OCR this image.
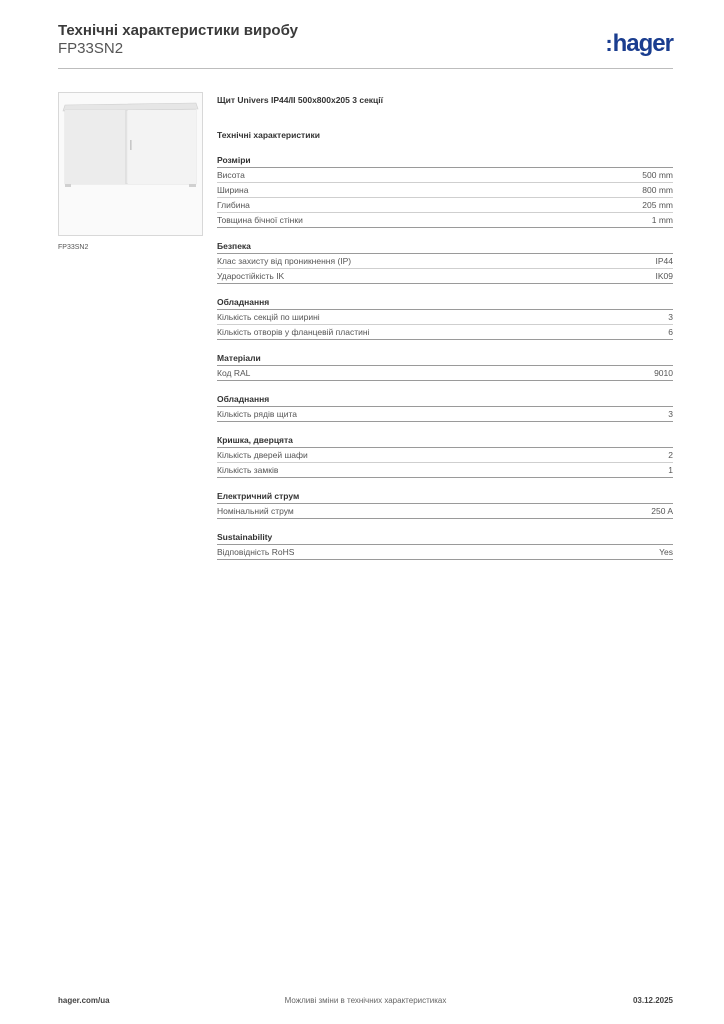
Технічні характеристики виробу
FP33SN2	:hager
FP33SN2
Щит Univers IP44/II 500x800x205 3 секції
Технічні характеристики
Розміри
Висота	500 mm
Ширина	800 mm
Глибина	205 mm
Товщина бічної стінки	1 mm
Безпека
Клас захисту від проникнення (IP)	IP44
Ударостійкість IK	IK09
Обладнання
Кількість секцій по ширині	3
Кількість отворів у фланцевій пластині	6
Матеріали
Код RAL	9010
Обладнання
Кількість рядів щита	3
Кришка, дверцята
Кількість дверей шафи	2
Кількість замків	1
Електричний струм
Номінальний струм	250 A
Sustainability
Відповідність RoHS	Yes
hager.com/ua	Можливі зміни в технічних характеристиках	03.12.2025
